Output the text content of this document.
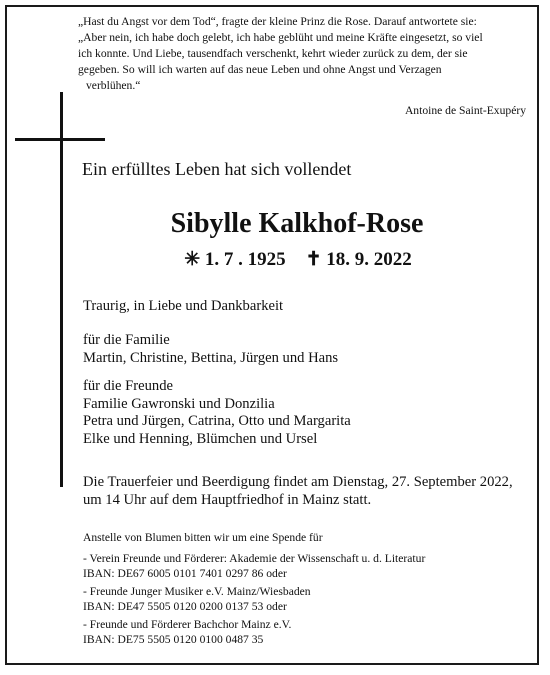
„Hast du Angst vor dem Tod“, fragte der kleine Prinz die Rose. Darauf antwortete sie:

„Aber nein, ich habe doch gelebt, ich habe geblüht und meine Kräfte eingesetzt, so viel

ich konnte. Und Liebe, tausendfach verschenkt, kehrt wieder zurück zu dem, der sie

gegeben. So will ich warten auf das neue Leben und ohne Angst und Verzagen

verblühen.“

Antoine de Saint-Exupéry
Ein erfülltes Leben hat sich vollendet
Sibylle Kalkhof-Rose
✳ 1. 7 . 1925 ✝ 18. 9. 2022
Traurig, in Liebe und Dankbarkeit
für die Familie
Martin, Christine, Bettina, Jürgen und Hans
für die Freunde
Familie Gawronski und Donzilia
Petra und Jürgen, Catrina, Otto und Margarita
Elke und Henning, Blümchen und Ursel
Die Trauerfeier und Beerdigung findet am Dienstag, 27. September 2022,
um 14 Uhr auf dem Hauptfriedhof in Mainz statt.
Anstelle von Blumen bitten wir um eine Spende für
- Verein Freunde und Förderer: Akademie der Wissenschaft u. d. Literatur
IBAN: DE67 6005 0101 7401 0297 86 oder
- Freunde Junger Musiker e.V. Mainz/Wiesbaden
IBAN: DE47 5505 0120 0200 0137 53 oder
- Freunde und Förderer Bachchor Mainz e.V.
IBAN: DE75 5505 0120 0100 0487 35
